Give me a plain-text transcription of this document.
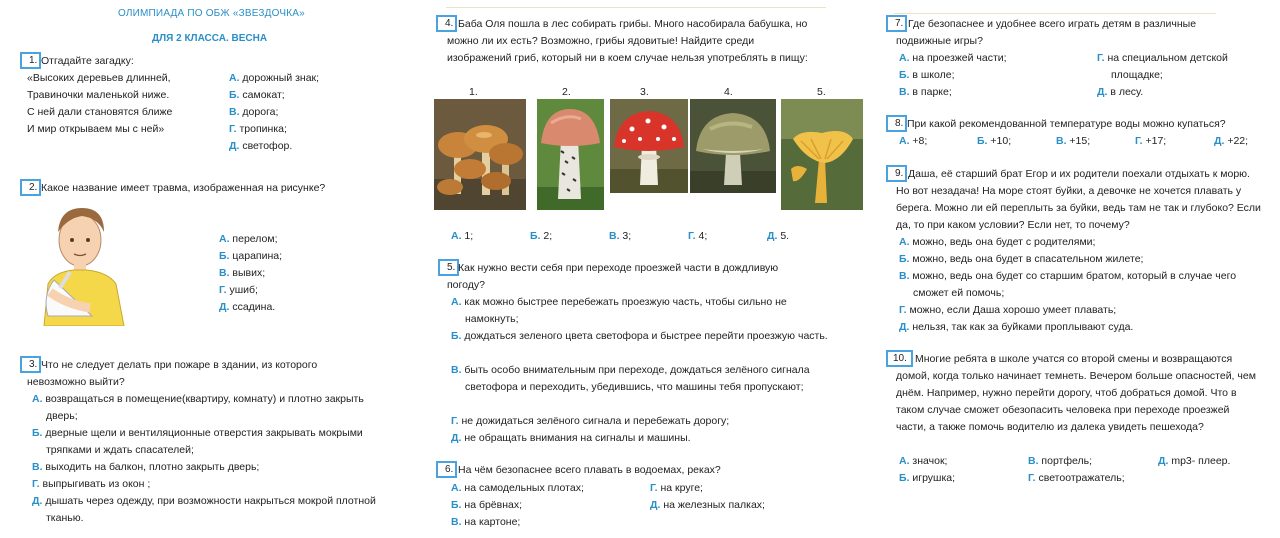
ОЛИМПИАДА ПО ОБЖ «ЗВЕЗДОЧКА»
ДЛЯ 2 КЛАССА. ВЕСНА
1. Отгадайте загадку:
«Высоких деревьев длинней,
Травиночки маленькой ниже.
С ней дали становятся ближе
И мир открываем мы с ней»
А. дорожный знак;
Б. самокат;
В. дорога;
Г. тропинка;
Д. светофор.
2. Какое название имеет травма, изображенная на рисунке?
А. перелом;
Б. царапина;
В. вывих;
Г. ушиб;
Д. ссадина.
3. Что не следует делать при пожаре в здании, из которого невозможно выйти?
А. возвращаться в помещение(квартиру, комнату) и плотно закрыть дверь;
Б. дверные щели и вентиляционные отверстия закрывать мокрыми тряпками и ждать спасателей;
В. выходить на балкон, плотно закрыть дверь;
Г. выпрыгивать из окон ;
Д. дышать через одежду, при возможности накрыться мокрой плотной тканью.
4. Баба Оля пошла в лес собирать грибы. Много насобирала бабушка, но можно ли их есть? Возможно, грибы ядовитые! Найдите среди изображений гриб, который ни в коем случае нельзя употреблять в пищу:
1.	2.	3.	4.	5.
А. 1;	Б. 2;	В. 3;	Г. 4;	Д. 5.
5. Как нужно вести себя при переходе проезжей части в дождливую погоду?
А. как можно быстрее перебежать проезжую часть, чтобы сильно не намокнуть;
Б. дождаться зеленого цвета светофора и быстрее перейти проезжую часть.
В. быть особо внимательным при переходе, дождаться зелёного сигнала светофора и переходить, убедившись, что машины тебя пропускают;
Г. не дожидаться зелёного сигнала и перебежать дорогу;
Д. не обращать внимания на сигналы и машины.
6. На чём безопаснее всего плавать в водоемах, реках?
А. на самодельных плотах;
Б. на брёвнах;
В. на картоне;
Г. на круге;
Д. на железных палках;
7. Где безопаснее и удобнее всего играть детям в различные подвижные игры?
А. на проезжей части;
Б. в школе;
В. в парке;
Г. на специальном детской площадке;
Д. в лесу.
8. При какой рекомендованной температуре воды можно купаться?
А. +8;	Б. +10;	В. +15;	Г. +17;	Д. +22;
9. Даша, её старший брат Егор и их родители поехали отдыхать к морю. Но вот незадача! На море стоят буйки, а девочке не хочется плавать у берега. Можно ли ей переплыть за буйки, ведь там не так и глубоко? Если да, то при каком условии? Если нет, то почему?
А. можно, ведь она будет с родителями;
Б. можно, ведь она будет в спасательном жилете;
В. можно, ведь она будет со старшим братом, который в случае чего сможет ей помочь;
Г. можно, если Даша хорошо умеет плавать;
Д. нельзя, так как за буйками проплывают суда.
10. Многие ребята в школе учатся со второй смены и возвращаются домой, когда только начинает темнеть. Вечером больше опасностей, чем днём. Например, нужно перейти дорогу, чтоб добраться домой. Что в таком случае сможет обезопасить человека при переходе проезжей части, а также помочь водителю из далека увидеть пешехода?
А. значок;
Б. игрушка;
В. портфель;
Г. светоотражатель;
Д. mp3- плеер.
